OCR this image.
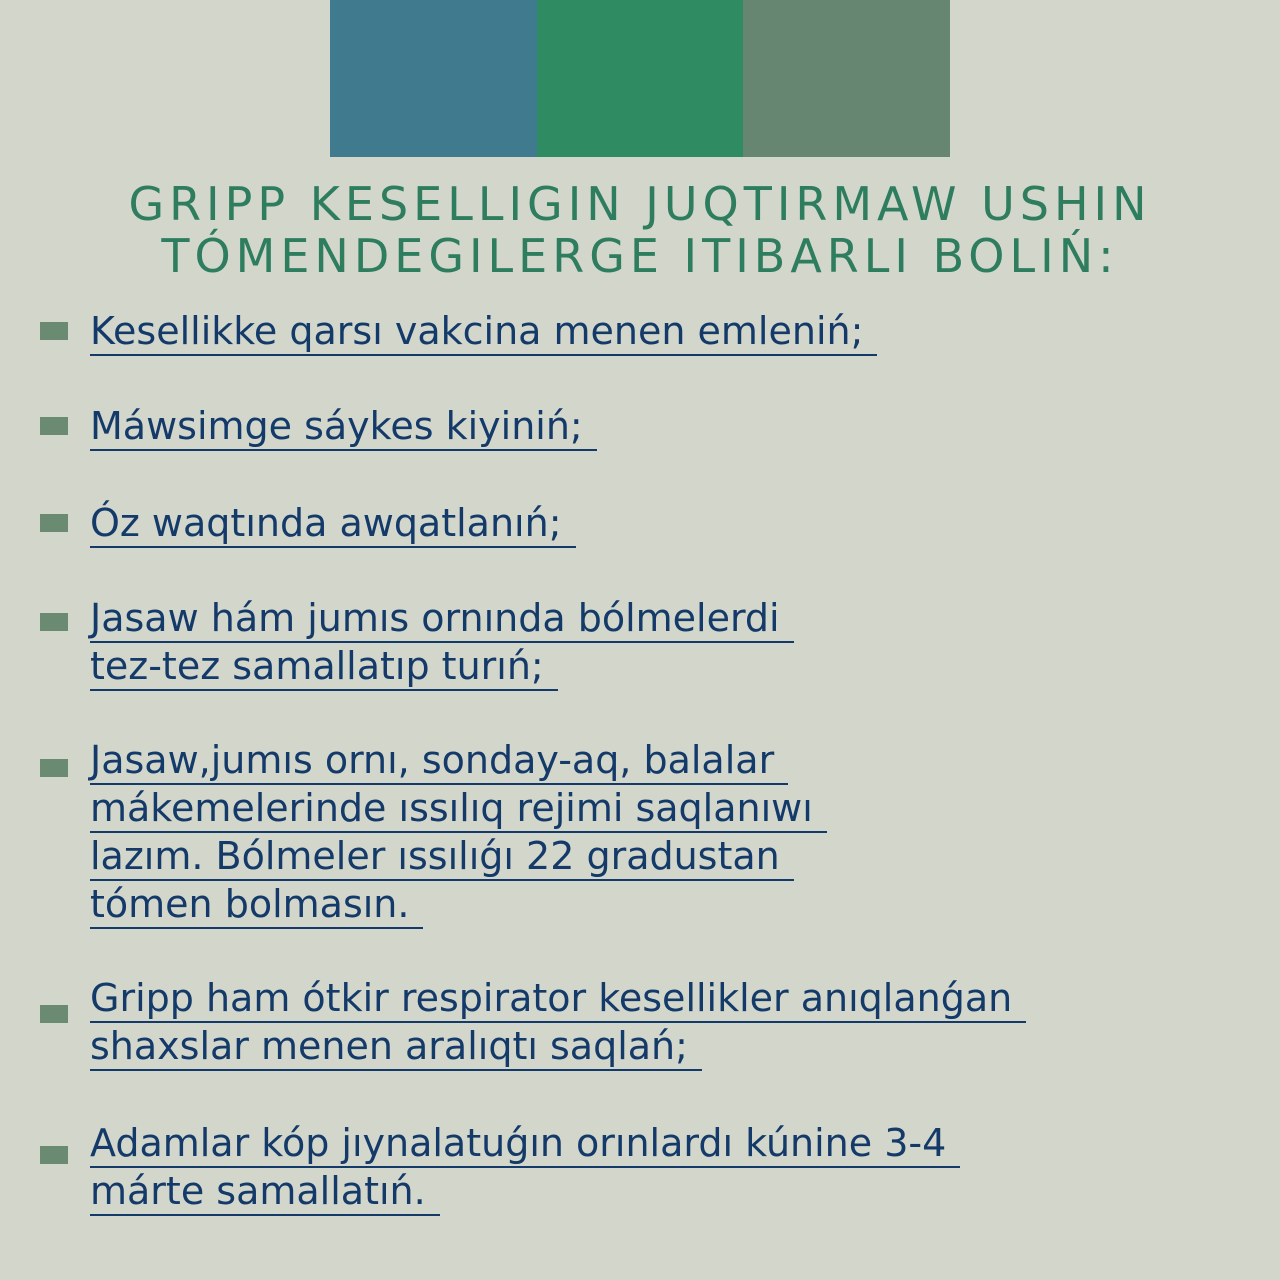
GRIPP KESELLIGIN JUQTIRMAW USHIN
TÓMENDEGILERGE ITIBARLI BOLIŃ:
Kesellikke qarsı vakcina menen emleniń;
Máwsimge sáykes kiyiniń;
Óz waqtında awqatlanıń;
Jasaw hám jumıs ornında bólmelerdi
tez-tez samallatıp turıń;
Jasaw,jumıs ornı, sonday-aq, balalar
mákemelerinde ıssılıq rejimi saqlanıwı
lazım. Bólmeler ıssılıǵı 22 gradustan
tómen bolmasın.
Gripp ham ótkir respirator kesellikler anıqlanǵan
shaxslar menen aralıqtı saqlań;
Adamlar kóp jıynalatuǵın orınlardı kúnine 3-4
márte samallatıń.
